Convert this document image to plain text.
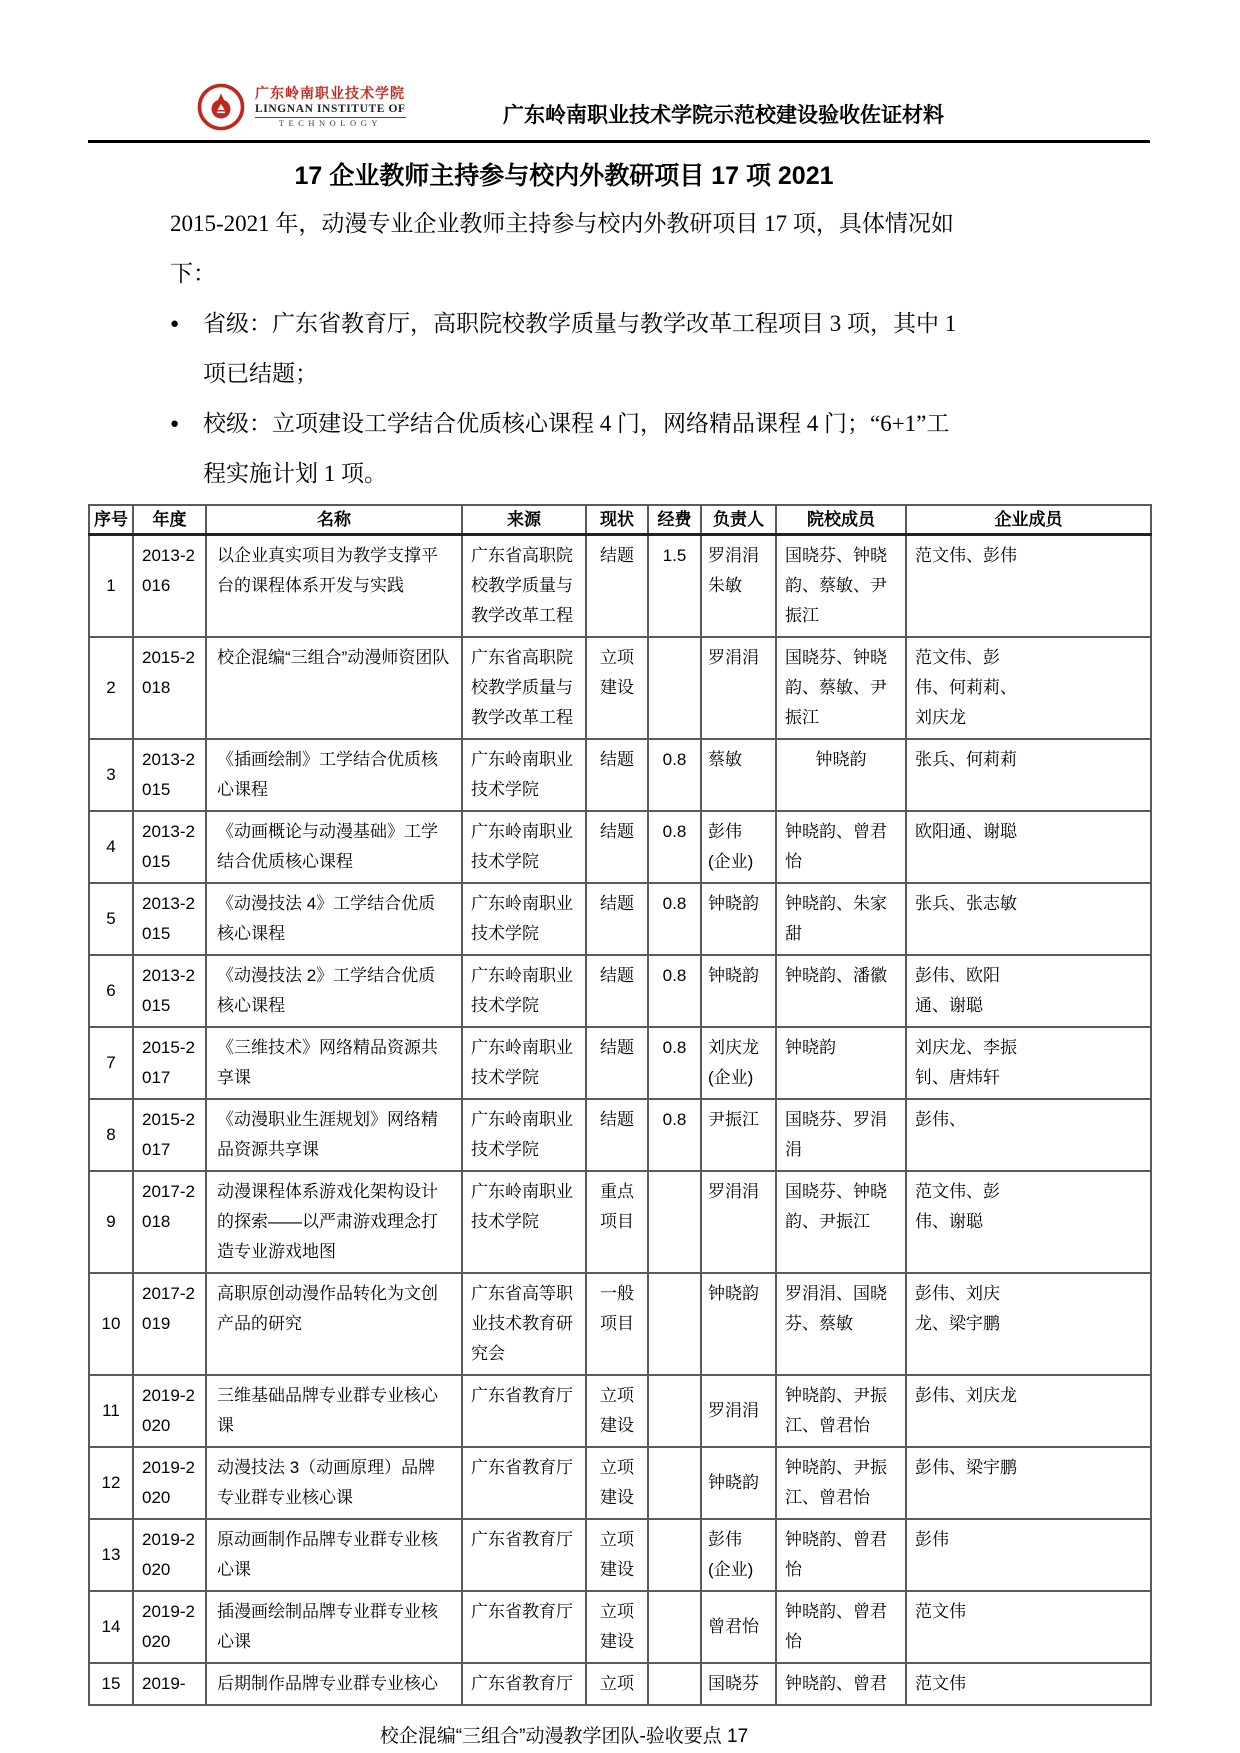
广东岭南职业技术学院
LINGNAN INSTITUTE OF
TECHNOLOGY	广东岭南职业技术学院示范校建设验收佐证材料
17 企业教师主持参与校内外教研项目 17 项 2021

2015-2021 年，动漫专业企业教师主持参与校内外教研项目 17 项，具体情况如下：

●	省级：广东省教育厅，高职院校教学质量与教学改革工程项目 3 项，其中 1 项已结题；
●	校级：立项建设工学结合优质核心课程 4 门，网络精品课程 4 门；“6+1”工程实施计划 1 项。
序号	年度	名称	来源	现状	经费	负责人	院校成员	企业成员
1	2013-2016	以企业真实项目为教学支撑平台的课程体系开发与实践	广东省高职院校教学质量与教学改革工程	结题	1.5	罗涓涓 朱敏	国晓芬、钟晓韵、蔡敏、尹振江	范文伟、彭伟
2	2015-2018	校企混编“三组合”动漫师资团队	广东省高职院校教学质量与教学改革工程	立项建设		罗涓涓	国晓芬、钟晓韵、蔡敏、尹振江	范文伟、彭伟、何莉莉、刘庆龙
3	2013-2015	《插画绘制》工学结合优质核心课程	广东岭南职业技术学院	结题	0.8	蔡敏	钟晓韵	张兵、何莉莉
4	2013-2015	《动画概论与动漫基础》工学结合优质核心课程	广东岭南职业技术学院	结题	0.8	彭伟 (企业)	钟晓韵、曾君怡	欧阳通、谢聪
5	2013-2015	《动漫技法 4》工学结合优质核心课程	广东岭南职业技术学院	结题	0.8	钟晓韵	钟晓韵、朱家甜	张兵、张志敏
6	2013-2015	《动漫技法 2》工学结合优质核心课程	广东岭南职业技术学院	结题	0.8	钟晓韵	钟晓韵、潘徽	彭伟、欧阳通、谢聪
7	2015-2017	《三维技术》网络精品资源共享课	广东岭南职业技术学院	结题	0.8	刘庆龙 (企业)	钟晓韵	刘庆龙、李振钊、唐炜轩
8	2015-2017	《动漫职业生涯规划》网络精品资源共享课	广东岭南职业技术学院	结题	0.8	尹振江	国晓芬、罗涓涓	彭伟、
9	2017-2018	动漫课程体系游戏化架构设计的探索——以严肃游戏理念打造专业游戏地图	广东岭南职业技术学院	重点项目		罗涓涓	国晓芬、钟晓韵、尹振江	范文伟、彭伟、谢聪
10	2017-2019	高职原创动漫作品转化为文创产品的研究	广东省高等职业技术教育研究会	一般项目		钟晓韵	罗涓涓、国晓芬、蔡敏	彭伟、刘庆龙、梁宇鹏
11	2019-2020	三维基础品牌专业群专业核心课	广东省教育厅	立项建设		罗涓涓	钟晓韵、尹振江、曾君怡	彭伟、刘庆龙
12	2019-2020	动漫技法 3（动画原理）品牌专业群专业核心课	广东省教育厅	立项建设		钟晓韵	钟晓韵、尹振江、曾君怡	彭伟、梁宇鹏
13	2019-2020	原动画制作品牌专业群专业核心课	广东省教育厅	立项建设		彭伟 (企业)	钟晓韵、曾君怡	彭伟
14	2019-2020	插漫画绘制品牌专业群专业核心课	广东省教育厅	立项建设		曾君怡	钟晓韵、曾君怡	范文伟
15	2019-	后期制作品牌专业群专业核心	广东省教育厅	立项		国晓芬	钟晓韵、曾君	范文伟
校企混编“三组合”动漫教学团队-验收要点 17
